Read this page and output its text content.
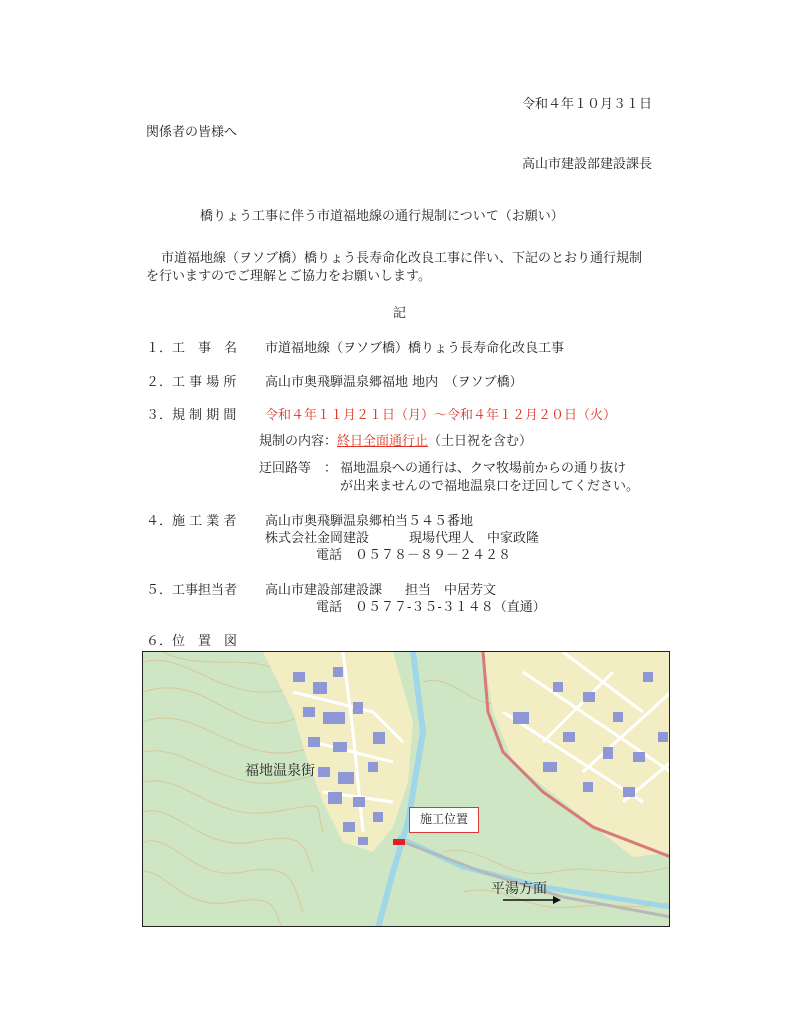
令和４年１０月３１日
関係者の皆様へ
高山市建設部建設課長
橋りょう工事に伴う市道福地線の通行規制について（お願い）
市道福地線（ヲソブ橋）橋りょう長寿命化改良工事に伴い、下記のとおり通行規制
を行いますのでご理解とご協力をお願いします。
記
１．工　事　名 市道福地線（ヲソブ橋）橋りょう長寿命化改良工事
２．工 事 場 所 高山市奥飛騨温泉郷福地 地内　（ヲソブ橋）
３．規 制 期 間 令和４年１１月２１日（月）～令和４年１２月２０日（火）
規制の内容：終日全面通行止（土日祝を含む）
迂回路等　： 福地温泉への通行は、クマ牧場前からの通り抜け
が出来ませんので福地温泉口を迂回してください。
４．施 工 業 者 高山市奥飛騨温泉郷柏当５４５番地
株式会社金岡建設	現場代理人　中家政隆
電話　０５７８－８９－２４２８
５．工事担当者 高山市建設部建設課 担当　中居芳文
電話　０５７７‐３５‐３１４８（直通）
６．位　置　図
福地温泉街
施工位置
平湯方面
